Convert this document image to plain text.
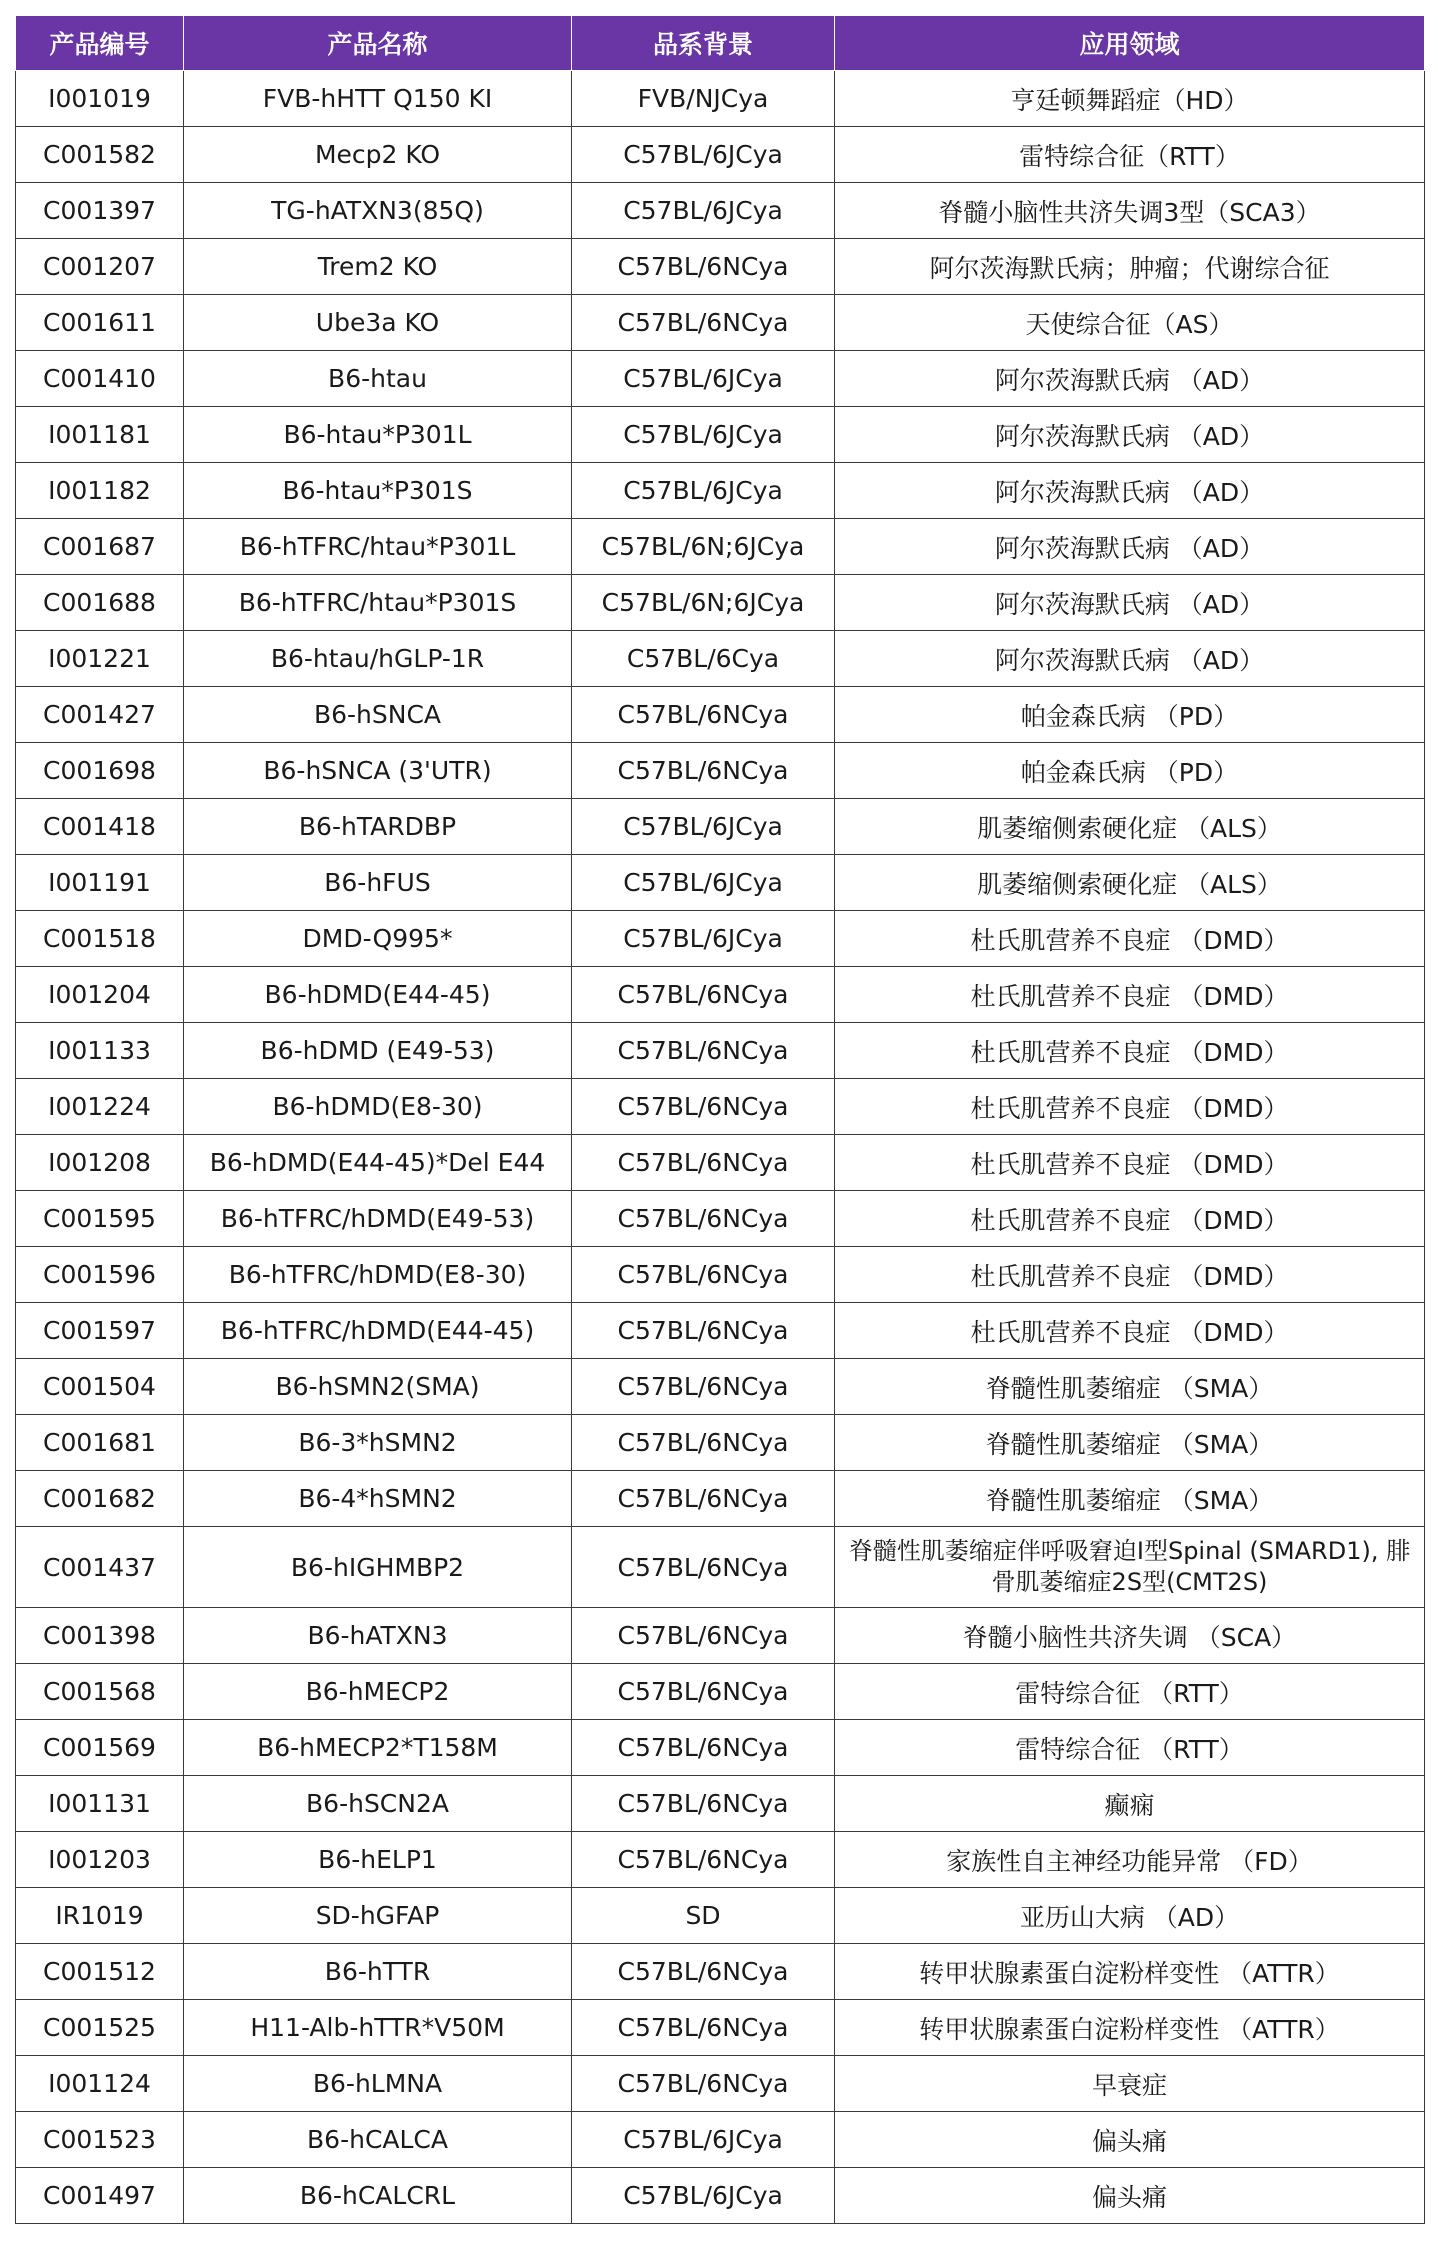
产品编号	产品名称	品系背景	应用领域
I001019	FVB-hHTT Q150 KI	FVB/NJCya	亨廷顿舞蹈症（HD）
C001582	Mecp2 KO	C57BL/6JCya	雷特综合征（RTT）
C001397	TG-hATXN3(85Q)	C57BL/6JCya	脊髓小脑性共济失调3型（SCA3）
C001207	Trem2 KO	C57BL/6NCya	阿尔茨海默氏病；肿瘤；代谢综合征
C001611	Ube3a KO	C57BL/6NCya	天使综合征（AS）
C001410	B6-htau	C57BL/6JCya	阿尔茨海默氏病 （AD）
I001181	B6-htau*P301L	C57BL/6JCya	阿尔茨海默氏病 （AD）
I001182	B6-htau*P301S	C57BL/6JCya	阿尔茨海默氏病 （AD）
C001687	B6-hTFRC/htau*P301L	C57BL/6N;6JCya	阿尔茨海默氏病 （AD）
C001688	B6-hTFRC/htau*P301S	C57BL/6N;6JCya	阿尔茨海默氏病 （AD）
I001221	B6-htau/hGLP-1R	C57BL/6Cya	阿尔茨海默氏病 （AD）
C001427	B6-hSNCA	C57BL/6NCya	帕金森氏病 （PD）
C001698	B6-hSNCA (3'UTR)	C57BL/6NCya	帕金森氏病 （PD）
C001418	B6-hTARDBP	C57BL/6JCya	肌萎缩侧索硬化症 （ALS）
I001191	B6-hFUS	C57BL/6JCya	肌萎缩侧索硬化症 （ALS）
C001518	DMD-Q995*	C57BL/6JCya	杜氏肌营养不良症 （DMD）
I001204	B6-hDMD(E44-45)	C57BL/6NCya	杜氏肌营养不良症 （DMD）
I001133	B6-hDMD (E49-53)	C57BL/6NCya	杜氏肌营养不良症 （DMD）
I001224	B6-hDMD(E8-30)	C57BL/6NCya	杜氏肌营养不良症 （DMD）
I001208	B6-hDMD(E44-45)*Del E44	C57BL/6NCya	杜氏肌营养不良症 （DMD）
C001595	B6-hTFRC/hDMD(E49-53)	C57BL/6NCya	杜氏肌营养不良症 （DMD）
C001596	B6-hTFRC/hDMD(E8-30)	C57BL/6NCya	杜氏肌营养不良症 （DMD）
C001597	B6-hTFRC/hDMD(E44-45)	C57BL/6NCya	杜氏肌营养不良症 （DMD）
C001504	B6-hSMN2(SMA)	C57BL/6NCya	脊髓性肌萎缩症 （SMA）
C001681	B6-3*hSMN2	C57BL/6NCya	脊髓性肌萎缩症 （SMA）
C001682	B6-4*hSMN2	C57BL/6NCya	脊髓性肌萎缩症 （SMA）
C001437	B6-hIGHMBP2	C57BL/6NCya	脊髓性肌萎缩症伴呼吸窘迫I型Spinal (SMARD1), 腓骨肌萎缩症2S型(CMT2S)
C001398	B6-hATXN3	C57BL/6NCya	脊髓小脑性共济失调 （SCA）
C001568	B6-hMECP2	C57BL/6NCya	雷特综合征 （RTT）
C001569	B6-hMECP2*T158M	C57BL/6NCya	雷特综合征 （RTT）
I001131	B6-hSCN2A	C57BL/6NCya	癫痫
I001203	B6-hELP1	C57BL/6NCya	家族性自主神经功能异常 （FD）
IR1019	SD-hGFAP	SD	亚历山大病 （AD）
C001512	B6-hTTR	C57BL/6NCya	转甲状腺素蛋白淀粉样变性 （ATTR）
C001525	H11-Alb-hTTR*V50M	C57BL/6NCya	转甲状腺素蛋白淀粉样变性 （ATTR）
I001124	B6-hLMNA	C57BL/6NCya	早衰症
C001523	B6-hCALCA	C57BL/6JCya	偏头痛
C001497	B6-hCALCRL	C57BL/6JCya	偏头痛
